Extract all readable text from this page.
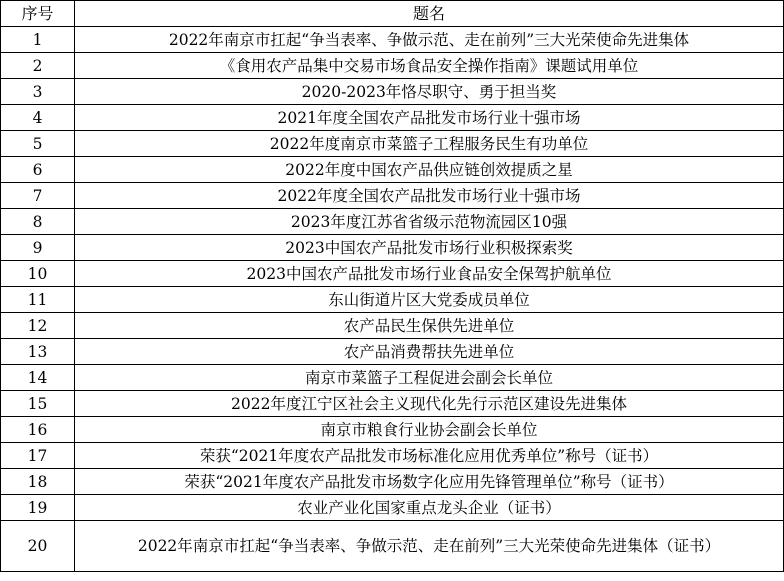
序号	题名
1	2022年南京市扛起“争当表率、争做示范、走在前列”三大光荣使命先进集体
2	《食用农产品集中交易市场食品安全操作指南》课题试用单位
3	2020-2023年恪尽职守、勇于担当奖
4	2021年度全国农产品批发市场行业十强市场
5	2022年度南京市菜篮子工程服务民生有功单位
6	2022年度中国农产品供应链创效提质之星
7	2022年度全国农产品批发市场行业十强市场
8	2023年度江苏省省级示范物流园区10强
9	2023中国农产品批发市场行业积极探索奖
10	2023中国农产品批发市场行业食品安全保驾护航单位
11	东山街道片区大党委成员单位
12	农产品民生保供先进单位
13	农产品消费帮扶先进单位
14	南京市菜篮子工程促进会副会长单位
15	2022年度江宁区社会主义现代化先行示范区建设先进集体
16	南京市粮食行业协会副会长单位
17	荣获“2021年度农产品批发市场标准化应用优秀单位”称号（证书）
18	荣获“2021年度农产品批发市场数字化应用先锋管理单位”称号（证书）
19	农业产业化国家重点龙头企业（证书）
20	2022年南京市扛起“争当表率、争做示范、走在前列”三大光荣使命先进集体（证书）
